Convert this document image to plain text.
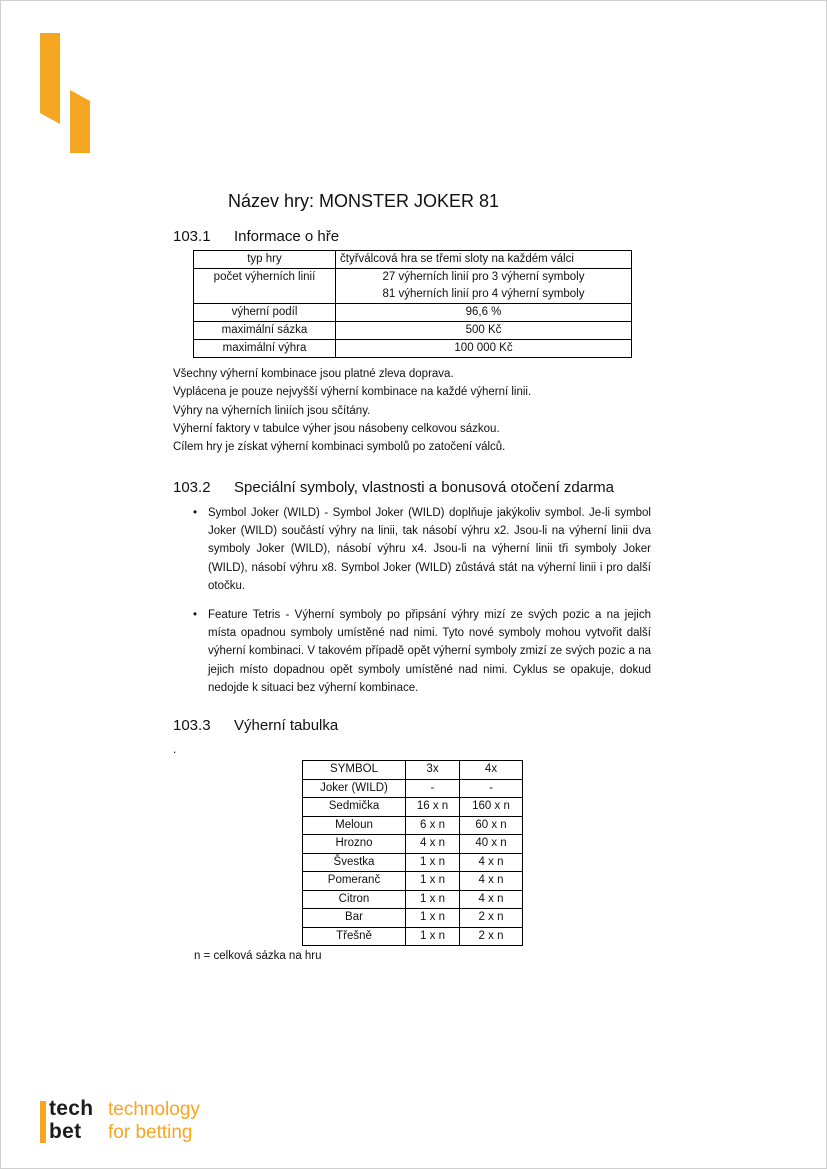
Název hry: MONSTER JOKER 81
103.1 Informace o hře
typ hry	čtyřválcová hra se třemi sloty na každém válci
počet výherních linií	27 výherních linií pro 3 výherní symboly
	81 výherních linií pro 4 výherní symboly
výherní podíl	96,6 %
maximální sázka	500 Kč
maximální výhra	100 000 Kč
Všechny výherní kombinace jsou platné zleva doprava.
Vyplácena je pouze nejvyšší výherní kombinace na každé výherní linii.
Výhry na výherních liniích jsou sčítány.
Výherní faktory v tabulce výher jsou násobeny celkovou sázkou.
Cílem hry je získat výherní kombinaci symbolů po zatočení válců.
103.2 Speciální symboly, vlastnosti a bonusová otočení zdarma
• Symbol Joker (WILD) - Symbol Joker (WILD) doplňuje jakýkoliv symbol. Je-li symbol Joker (WILD) součástí výhry na linii, tak násobí výhru x2. Jsou-li na výherní linii dva symboly Joker (WILD), násobí výhru x4. Jsou-li na výherní linii tři symboly Joker (WILD), násobí výhru x8. Symbol Joker (WILD) zůstává stát na výherní linii i pro další otočku.
• Feature Tetris - Výherní symboly po připsání výhry mizí ze svých pozic a na jejich místa opadnou symboly umístěné nad nimi. Tyto nové symboly mohou vytvořit další výherní kombinaci. V takovém případě opět výherní symboly zmizí ze svých pozic a na jejich místo dopadnou opět symboly umístěné nad nimi. Cyklus se opakuje, dokud nedojde k situaci bez výherní kombinace.
103.3 Výherní tabulka
.
SYMBOL	3x	4x
Joker (WILD)	-	-
Sedmička	16 x n	160 x n
Meloun	6 x n	60 x n
Hrozno	4 x n	40 x n
Švestka	1 x n	4 x n
Pomeranč	1 x n	4 x n
Citron	1 x n	4 x n
Bar	1 x n	2 x n
Třešně	1 x n	2 x n
n = celková sázka na hru
tech
bet
technology
for betting
